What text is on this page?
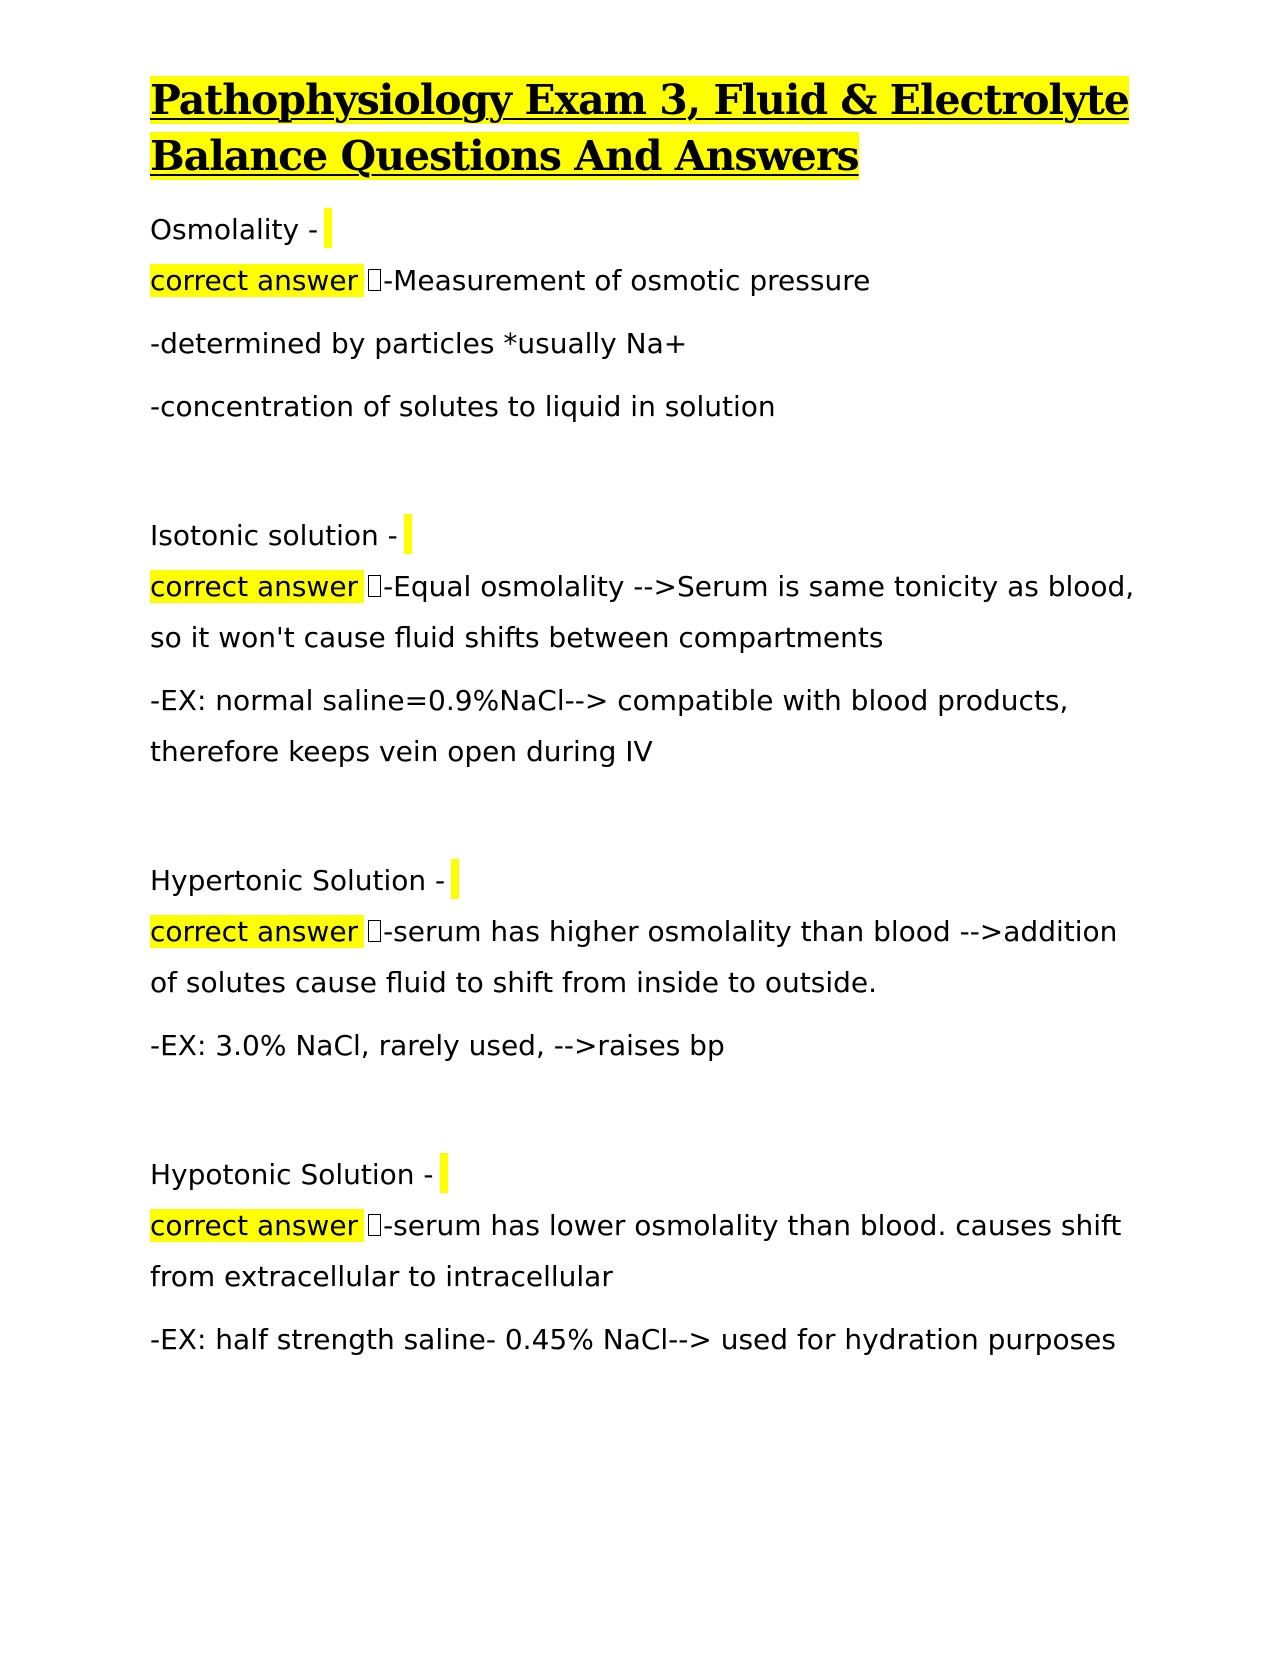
Pathophysiology Exam 3, Fluid & Electrolyte Balance Questions And Answers

Osmolality -

correct answer -Measurement of osmotic pressure

-determined by particles *usually Na+

-concentration of solutes to liquid in solution

Isotonic solution -

correct answer -Equal osmolality -->Serum is same tonicity as blood, so it won't cause fluid shifts between compartments

-EX: normal saline=0.9%NaCl--> compatible with blood products, therefore keeps vein open during IV

Hypertonic Solution -

correct answer -serum has higher osmolality than blood -->addition of solutes cause fluid to shift from inside to outside.

-EX: 3.0% NaCl, rarely used, -->raises bp

Hypotonic Solution -

correct answer -serum has lower osmolality than blood. causes shift from extracellular to intracellular

-EX: half strength saline- 0.45% NaCl--> used for hydration purposes
